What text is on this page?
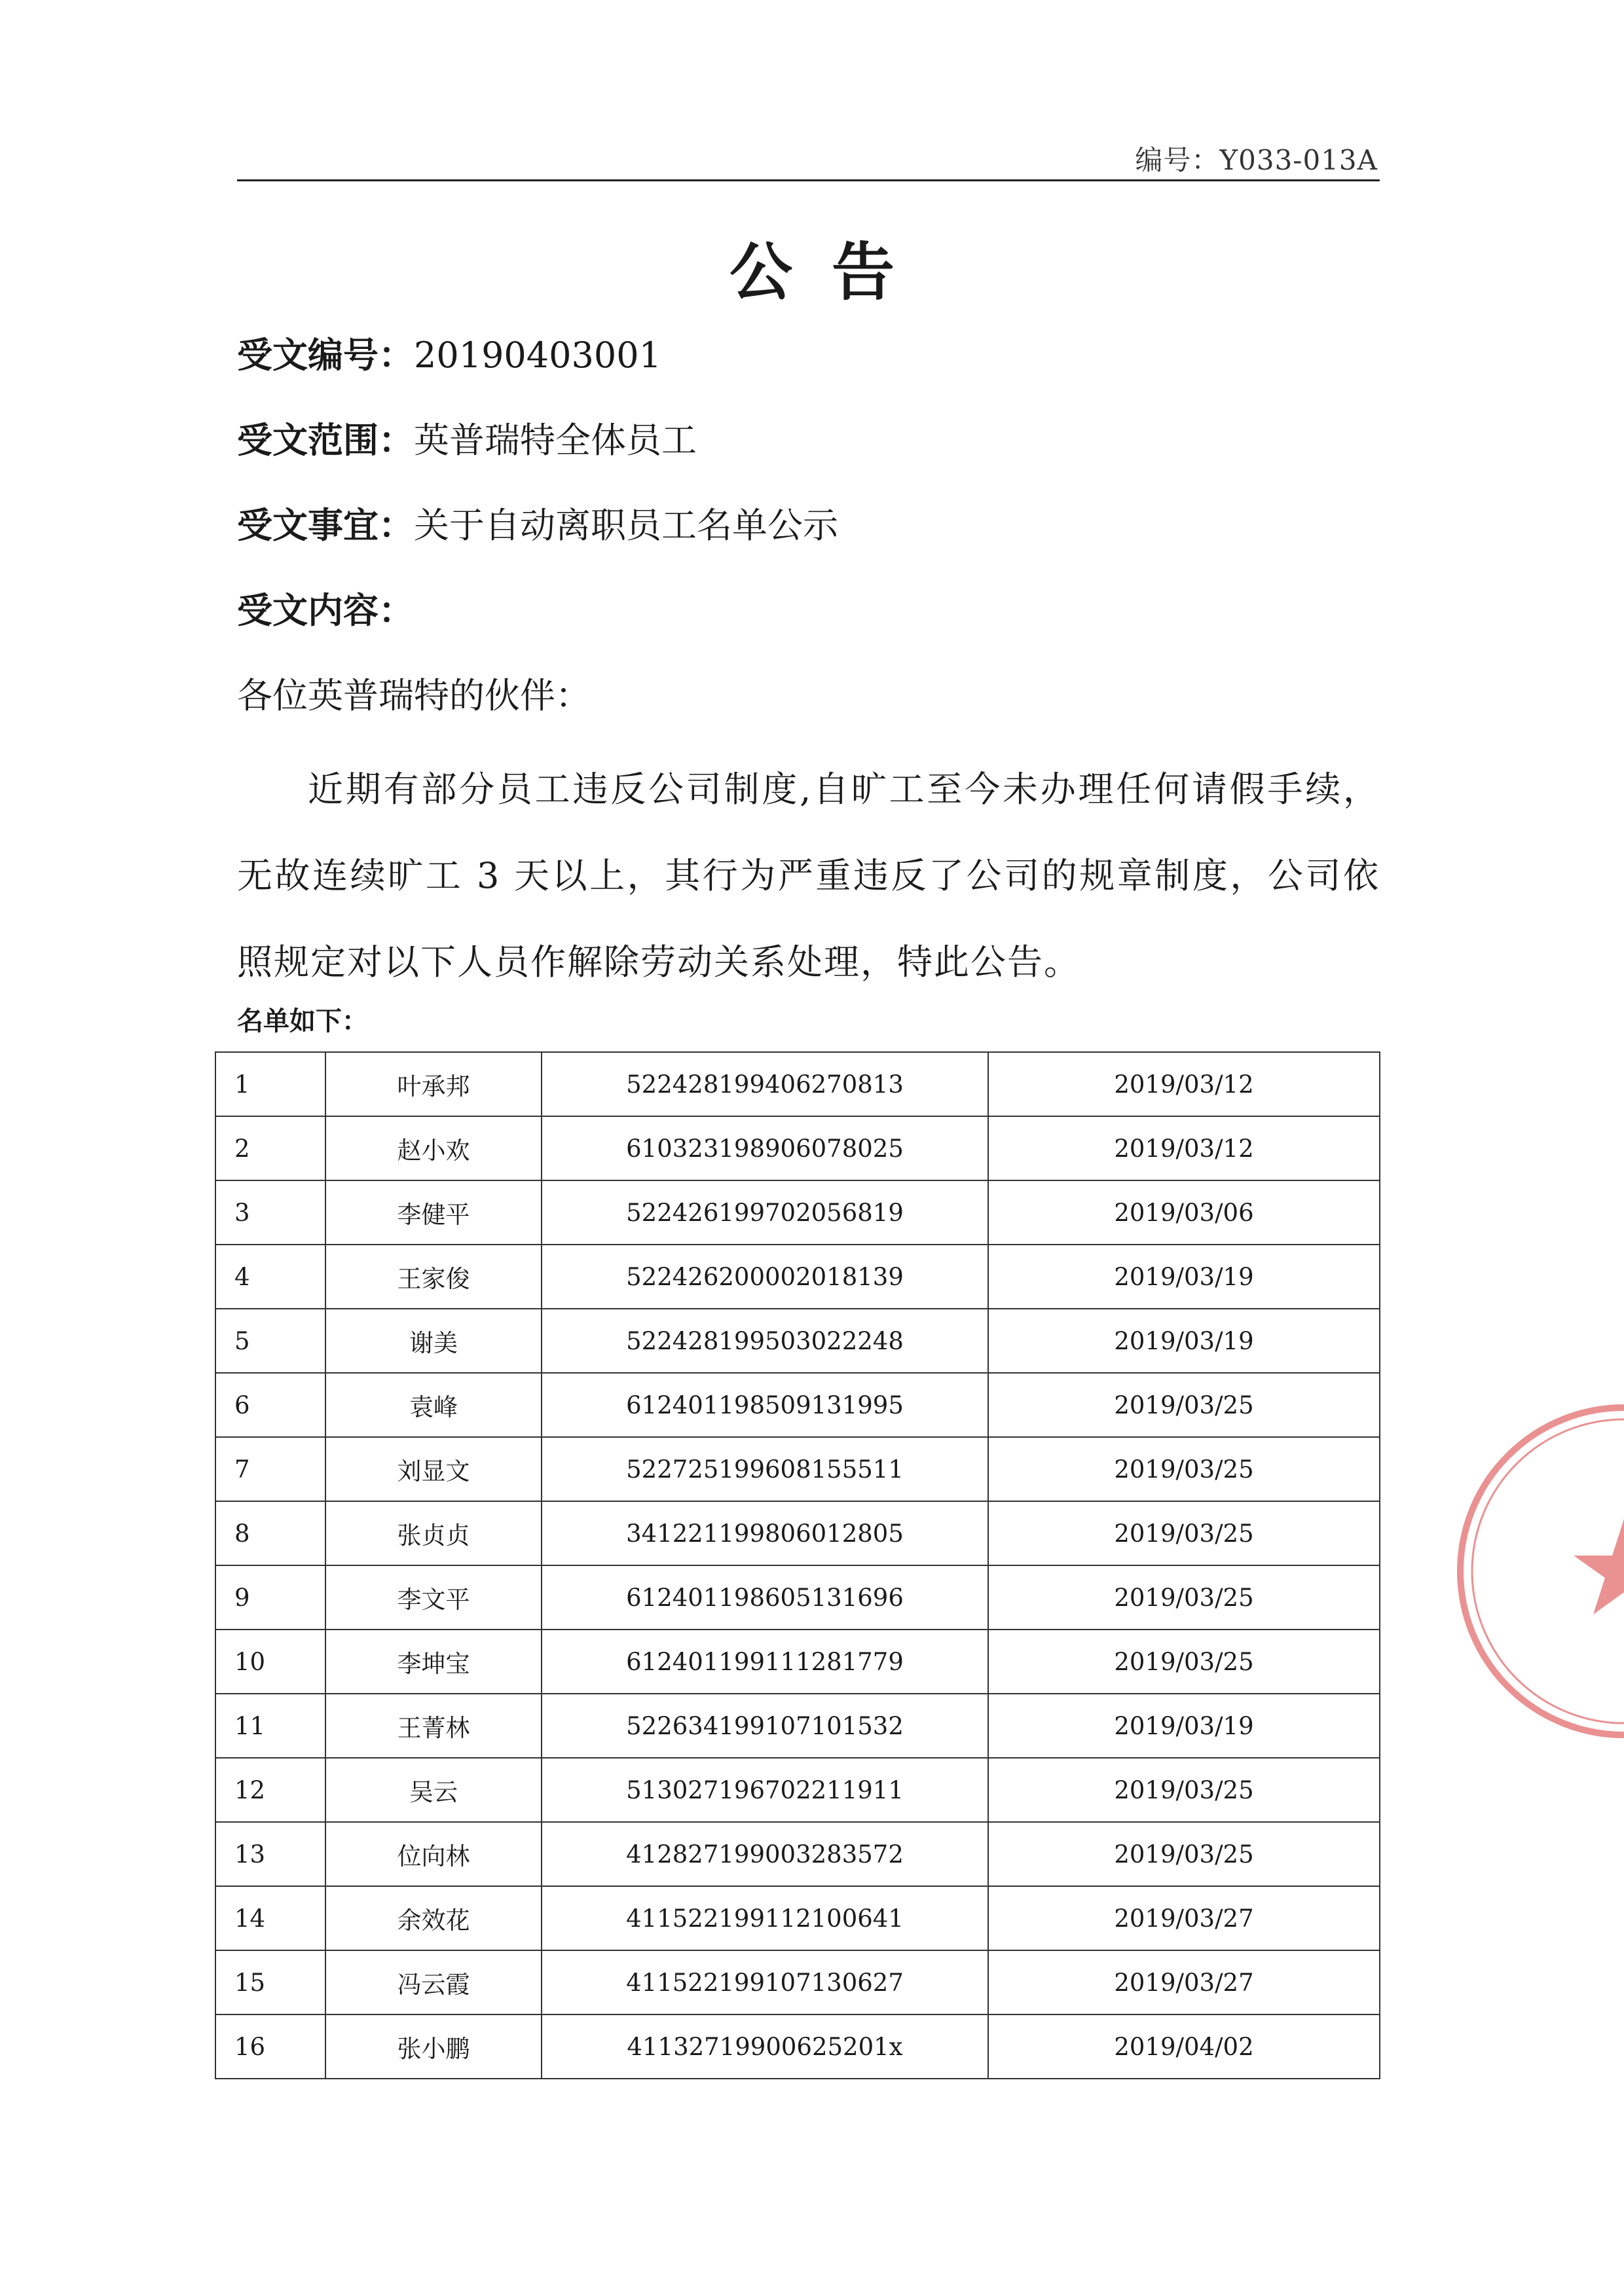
编号：Y033-013A
公告
受文编号：20190403001
受文范围：英普瑞特全体员工
受文事宜：关于自动离职员工名单公示
受文内容：
各位英普瑞特的伙伴：
近期有部分员工违反公司制度,自旷工至今未办理任何请假手续，无故连续旷工 3 天以上，其行为严重违反了公司的规章制度，公司依照规定对以下人员作解除劳动关系处理，特此公告。
名单如下：
1	叶承邦	522428199406270813	2019/03/12
2	赵小欢	610323198906078025	2019/03/12
3	李健平	522426199702056819	2019/03/06
4	王家俊	522426200002018139	2019/03/19
5	谢美	522428199503022248	2019/03/19
6	袁峰	612401198509131995	2019/03/25
7	刘显文	522725199608155511	2019/03/25
8	张贞贞	341221199806012805	2019/03/25
9	李文平	612401198605131696	2019/03/25
10	李坤宝	612401199111281779	2019/03/25
11	王菁林	522634199107101532	2019/03/19
12	吴云	513027196702211911	2019/03/25
13	位向林	412827199003283572	2019/03/25
14	余效花	411522199112100641	2019/03/27
15	冯云霞	411522199107130627	2019/03/27
16	张小鹏	41132719900625201x	2019/04/02
